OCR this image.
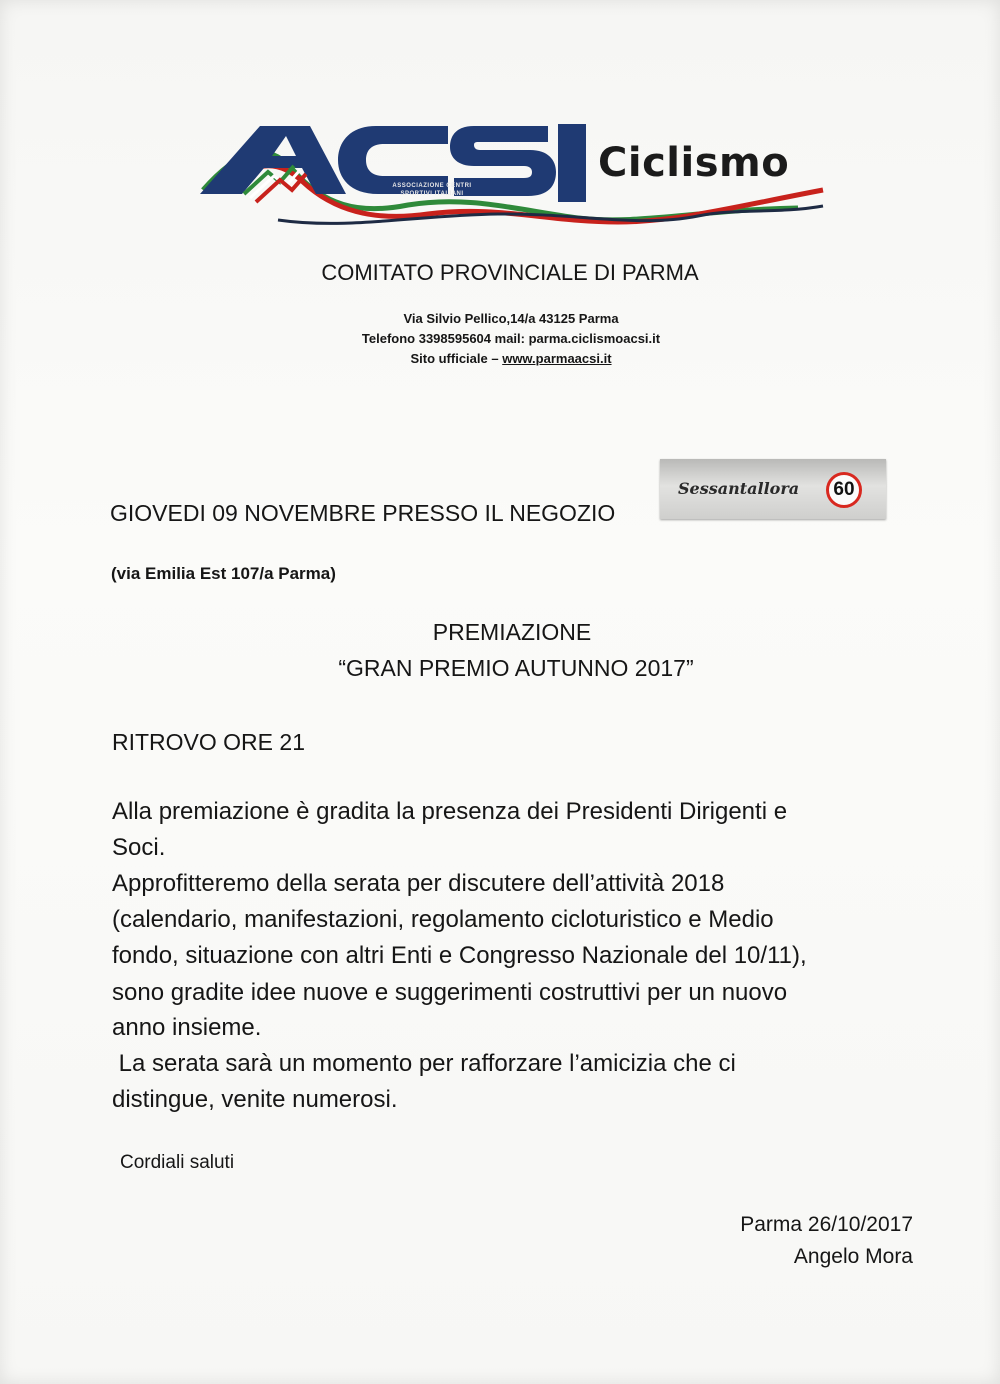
Ciclismo
ASSOCIAZIONE CENTRI
SPORTIVI ITALIANI
COMITATO PROVINCIALE DI PARMA
Via Silvio Pellico,14/a 43125 Parma
Telefono 3398595604 mail: parma.ciclismoacsi.it
Sito ufficiale – www.parmaacsi.it
GIOVEDI 09 NOVEMBRE PRESSO IL NEGOZIO
Sessantallora	60
(via Emilia Est 107/a Parma)
PREMIAZIONE
“GRAN PREMIO AUTUNNO 2017”
RITROVO ORE 21
Alla premiazione è gradita la presenza dei Presidenti Dirigenti e
Soci.
Approfitteremo della serata per discutere dell’attività 2018
(calendario, manifestazioni, regolamento cicloturistico e Medio
fondo, situazione con altri Enti e Congresso Nazionale del 10/11),
sono gradite idee nuove e suggerimenti costruttivi per un nuovo
anno insieme.
La serata sarà un momento per rafforzare l’amicizia che ci
distingue, venite numerosi.
Cordiali saluti
Parma 26/10/2017
Angelo Mora
